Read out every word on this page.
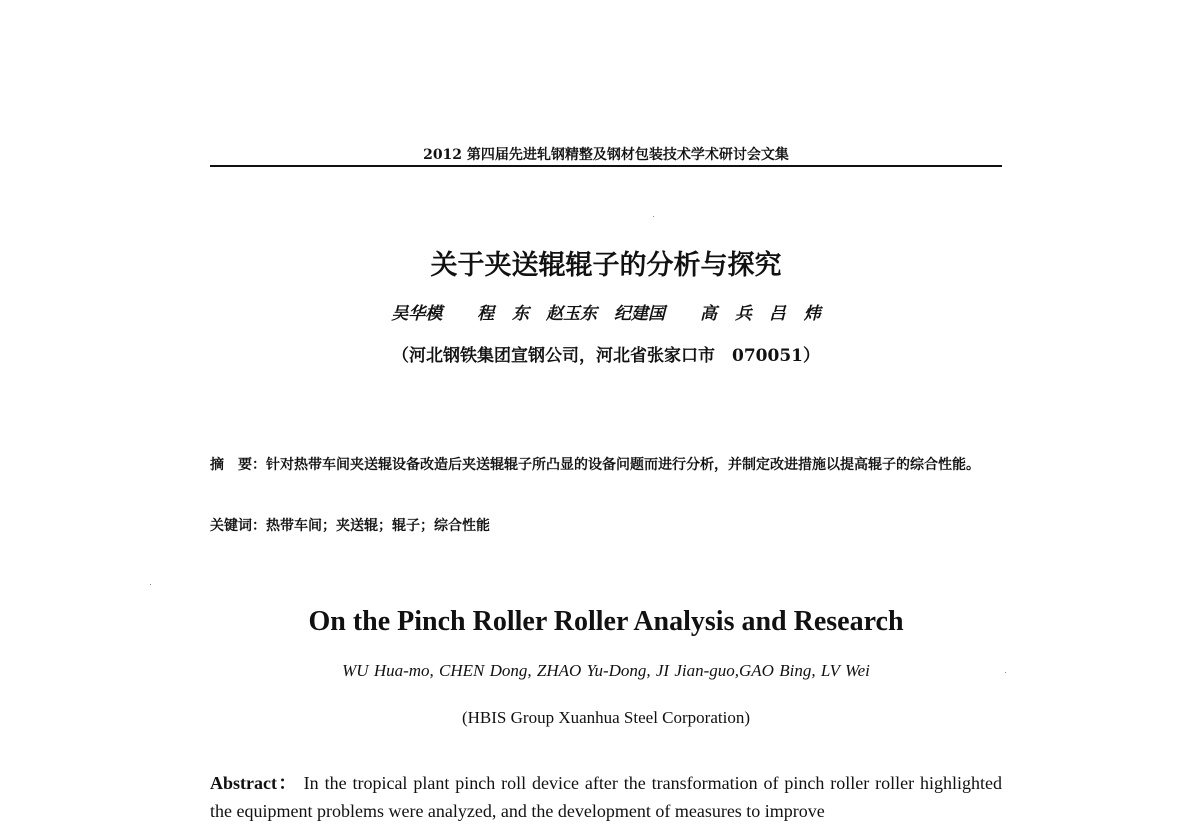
2012 第四届先进轧钢精整及钢材包装技术学术研讨会文集
关于夹送辊辊子的分析与探究
吴华模　 程 东　赵玉东　纪建国　 高 兵　吕 炜
（河北钢铁集团宣钢公司，河北省张家口市　070051）
摘　要：针对热带车间夹送辊设备改造后夹送辊辊子所凸显的设备问题而进行分析，并制定改进措施以提高辊子的综合性能。
关键词：热带车间；夹送辊；辊子；综合性能
On the Pinch Roller Roller Analysis and Research
WU Hua-mo, CHEN Dong, ZHAO Yu-Dong, JI Jian-guo,GAO Bing, LV Wei
(HBIS Group Xuanhua Steel Corporation)
Abstract： In the tropical plant pinch roll device after the transformation of pinch roller roller highlighted the equipment problems were analyzed, and the development of measures to improve
